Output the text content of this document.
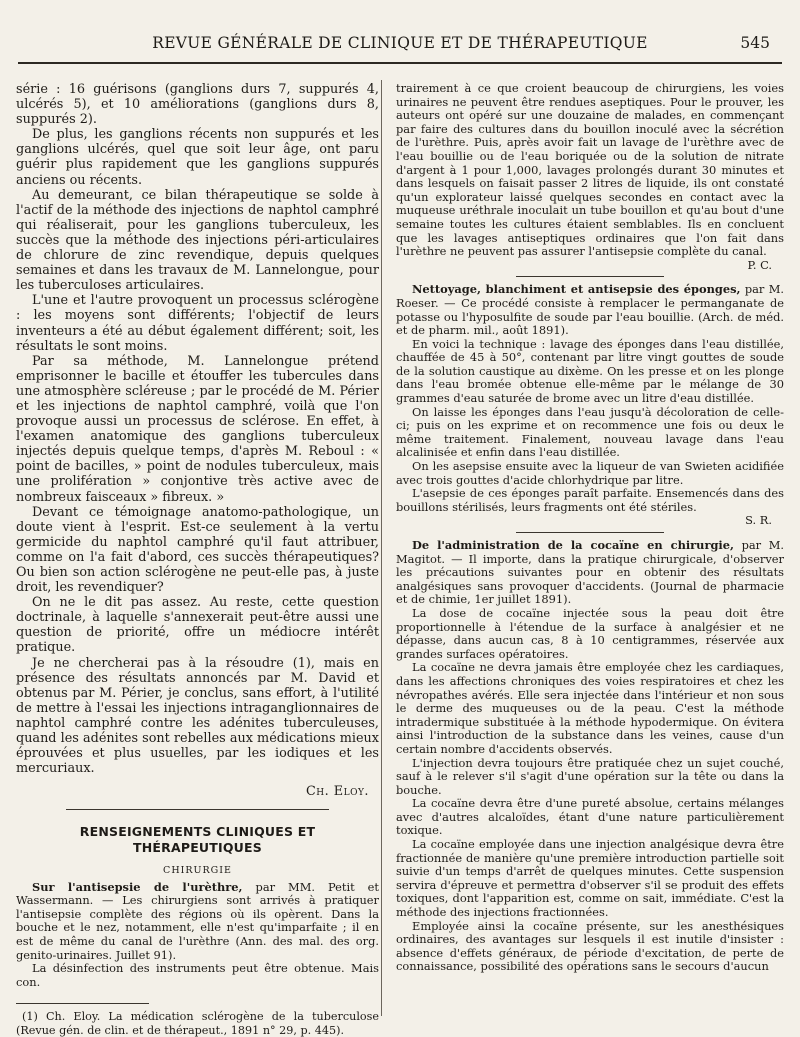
REVUE GÉNÉRALE DE CLINIQUE ET DE THÉRAPEUTIQUE	545

série : 16 guérisons (ganglions durs 7, suppurés 4, ulcérés 5), et 10 améliorations (ganglions durs 8, suppurés 2).

De plus, les ganglions récents non suppurés et les ganglions ulcérés, quel que soit leur âge, ont paru guérir plus rapidement que les ganglions suppurés anciens ou récents.

Au demeurant, ce bilan thérapeutique se solde à l'actif de la méthode des injections de naphtol camphré qui réaliserait, pour les ganglions tuberculeux, les succès que la méthode des injections péri-articulaires de chlorure de zinc revendique, depuis quelques semaines et dans les travaux de M. Lannelongue, pour les tuberculoses articulaires.

L'une et l'autre provoquent un processus sclérogène : les moyens sont différents; l'objectif de leurs inventeurs a été au début également différent; soit, les résultats le sont moins.

Par sa méthode, M. Lannelongue prétend emprisonner le bacille et étouffer les tubercules dans une atmosphère scléreuse ; par le procédé de M. Périer et les injections de naphtol camphré, voilà que l'on provoque aussi un processus de sclérose. En effet, à l'examen anatomique des ganglions tuberculeux injectés depuis quelque temps, d'après M. Reboul : « point de bacilles, » point de nodules tuberculeux, mais une prolifération » conjontive très active avec de nombreux faisceaux » fibreux. »

Devant ce témoignage anatomo-pathologique, un doute vient à l'esprit. Est-ce seulement à la vertu germicide du naphtol camphré qu'il faut attribuer, comme on l'a fait d'abord, ces succès thérapeutiques? Ou bien son action sclérogène ne peut-elle pas, à juste droit, les revendiquer?

On ne le dit pas assez. Au reste, cette question doctrinale, à laquelle s'annexerait peut-être aussi une question de priorité, offre un médiocre intérêt pratique.

Je ne chercherai pas à la résoudre (1), mais en présence des résultats annoncés par M. David et obtenus par M. Périer, je conclus, sans effort, à l'utilité de mettre à l'essai les injections intraganglionnaires de naphtol camphré contre les adénites tuberculeuses, quand les adénites sont rebelles aux médications mieux éprouvées et plus usuelles, par les iodiques et les mercuriaux.

Ch. Eloy.
RENSEIGNEMENTS CLINIQUES ET THÉRAPEUTIQUES
CHIRURGIE

Sur l'antisepsie de l'urèthre, par MM. Petit et Wassermann. — Les chirurgiens sont arrivés à pratiquer l'antisepsie complète des régions où ils opèrent. Dans la bouche et le nez, notamment, elle n'est qu'imparfaite ; il en est de même du canal de l'urèthre (Ann. des mal. des org. genito-urinaires. Juillet 91).

La désinfection des instruments peut être obtenue. Mais con.

(1) Ch. Eloy. La médication sclérogène de la tuberculose (Revue gén. de clin. et de thérapeut., 1891 n° 29, p. 445).

trairement à ce que croient beaucoup de chirurgiens, les voies urinaires ne peuvent être rendues aseptiques. Pour le prouver, les auteurs ont opéré sur une douzaine de malades, en commençant par faire des cultures dans du bouillon inoculé avec la sécrétion de l'urèthre. Puis, après avoir fait un lavage de l'urèthre avec de l'eau bouillie ou de l'eau boriquée ou de la solution de nitrate d'argent à 1 pour 1,000, lavages prolongés durant 30 minutes et dans lesquels on faisait passer 2 litres de liquide, ils ont constaté qu'un explorateur laissé quelques secondes en contact avec la muqueuse uréthrale inoculait un tube bouillon et qu'au bout d'une semaine toutes les cultures étaient semblables. Ils en concluent que les lavages antiseptiques ordinaires que l'on fait dans l'urèthre ne peuvent pas assurer l'antisepsie complète du canal.

P. C.

Nettoyage, blanchiment et antisepsie des éponges, par M. Roeser. — Ce procédé consiste à remplacer le permanganate de potasse ou l'hyposulfite de soude par l'eau bouillie. (Arch. de méd. et de pharm. mil., août 1891).

En voici la technique : lavage des éponges dans l'eau distillée, chauffée de 45 à 50°, contenant par litre vingt gouttes de soude de la solution caustique au dixème. On les presse et on les plonge dans l'eau bromée obtenue elle-même par le mélange de 30 grammes d'eau saturée de brome avec un litre d'eau distillée.

On laisse les éponges dans l'eau jusqu'à décoloration de celle-ci; puis on les exprime et on recommence une fois ou deux le même traitement. Finalement, nouveau lavage dans l'eau alcalinisée et enfin dans l'eau distillée.

On les asepsise ensuite avec la liqueur de van Swieten acidifiée avec trois gouttes d'acide chlorhydrique par litre.

L'asepsie de ces éponges paraît parfaite. Ensemencés dans des bouillons stérilisés, leurs fragments ont été stériles.

S. R.

De l'administration de la cocaïne en chirurgie, par M. Magitot. — Il importe, dans la pratique chirurgicale, d'observer les précautions suivantes pour en obtenir des résultats analgésiques sans provoquer d'accidents. (Journal de pharmacie et de chimie, 1er juillet 1891).

La dose de cocaïne injectée sous la peau doit être proportionnelle à l'étendue de la surface à analgésier et ne dépasse, dans aucun cas, 8 à 10 centigrammes, réservée aux grandes surfaces opératoires.

La cocaïne ne devra jamais être employée chez les cardiaques, dans les affections chroniques des voies respiratoires et chez les névropathes avérés. Elle sera injectée dans l'intérieur et non sous le derme des muqueuses ou de la peau. C'est la méthode intradermique substituée à la méthode hypodermique. On évitera ainsi l'introduction de la substance dans les veines, cause d'un certain nombre d'accidents observés.

L'injection devra toujours être pratiquée chez un sujet couché, sauf à le relever s'il s'agit d'une opération sur la tête ou dans la bouche.

La cocaïne devra être d'une pureté absolue, certains mélanges avec d'autres alcaloïdes, étant d'une nature particulièrement toxique.

La cocaïne employée dans une injection analgésique devra être fractionnée de manière qu'une première introduction partielle soit suivie d'un temps d'arrêt de quelques minutes. Cette suspension servira d'épreuve et permettra d'observer s'il se produit des effets toxiques, dont l'apparition est, comme on sait, immédiate. C'est la méthode des injections fractionnées.

Employée ainsi la cocaïne présente, sur les anesthésiques ordinaires, des avantages sur lesquels il est inutile d'insister : absence d'effets généraux, de période d'excitation, de perte de connaissance, possibilité des opérations sans le secours d'aucun
